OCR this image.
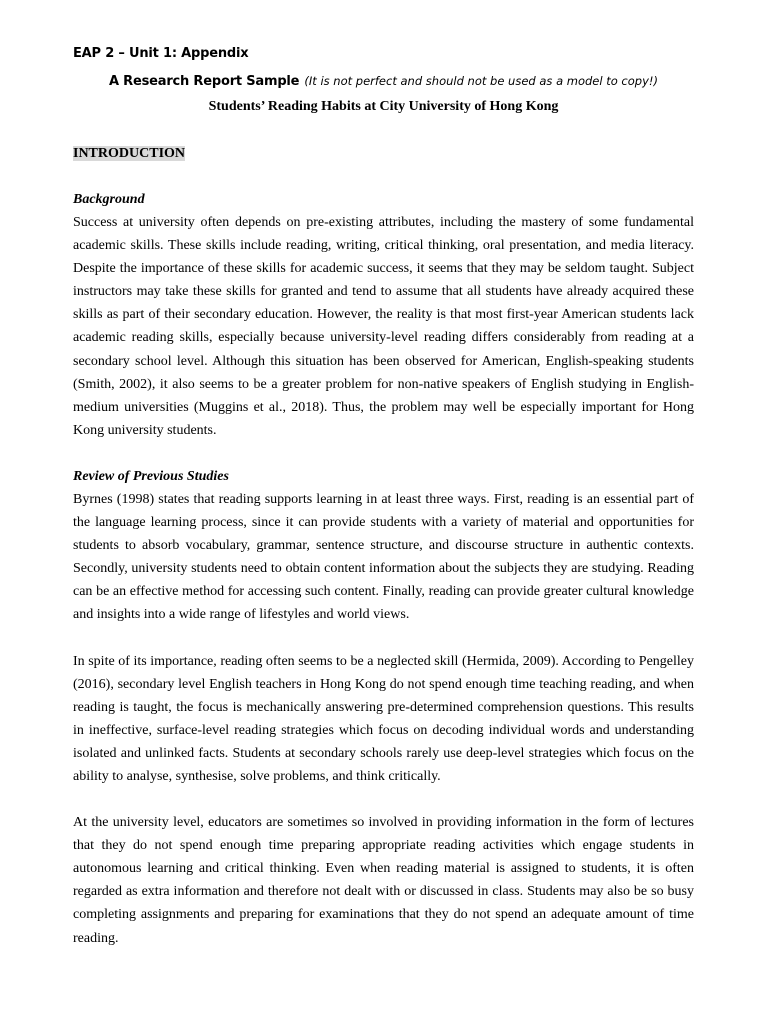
EAP 2 – Unit 1: Appendix
A Research Report Sample (It is not perfect and should not be used as a model to copy!)
Students’ Reading Habits at City University of Hong Kong
INTRODUCTION
Background

Success at university often depends on pre-existing attributes, including the mastery of some fundamental academic skills. These skills include reading, writing, critical thinking, oral presentation, and media literacy. Despite the importance of these skills for academic success, it seems that they may be seldom taught. Subject instructors may take these skills for granted and tend to assume that all students have already acquired these skills as part of their secondary education. However, the reality is that most first-year American students lack academic reading skills, especially because university-level reading differs considerably from reading at a secondary school level. Although this situation has been observed for American, English-speaking students (Smith, 2002), it also seems to be a greater problem for non-native speakers of English studying in English-medium universities (Muggins et al., 2018). Thus, the problem may well be especially important for Hong Kong university students.

Review of Previous Studies

Byrnes (1998) states that reading supports learning in at least three ways. First, reading is an essential part of the language learning process, since it can provide students with a variety of material and opportunities for students to absorb vocabulary, grammar, sentence structure, and discourse structure in authentic contexts. Secondly, university students need to obtain content information about the subjects they are studying. Reading can be an effective method for accessing such content. Finally, reading can provide greater cultural knowledge and insights into a wide range of lifestyles and world views.

In spite of its importance, reading often seems to be a neglected skill (Hermida, 2009). According to Pengelley (2016), secondary level English teachers in Hong Kong do not spend enough time teaching reading, and when reading is taught, the focus is mechanically answering pre-determined comprehension questions. This results in ineffective, surface-level reading strategies which focus on decoding individual words and understanding isolated and unlinked facts. Students at secondary schools rarely use deep-level strategies which focus on the ability to analyse, synthesise, solve problems, and think critically.

At the university level, educators are sometimes so involved in providing information in the form of lectures that they do not spend enough time preparing appropriate reading activities which engage students in autonomous learning and critical thinking. Even when reading material is assigned to students, it is often regarded as extra information and therefore not dealt with or discussed in class. Students may also be so busy completing assignments and preparing for examinations that they do not spend an adequate amount of time reading.
